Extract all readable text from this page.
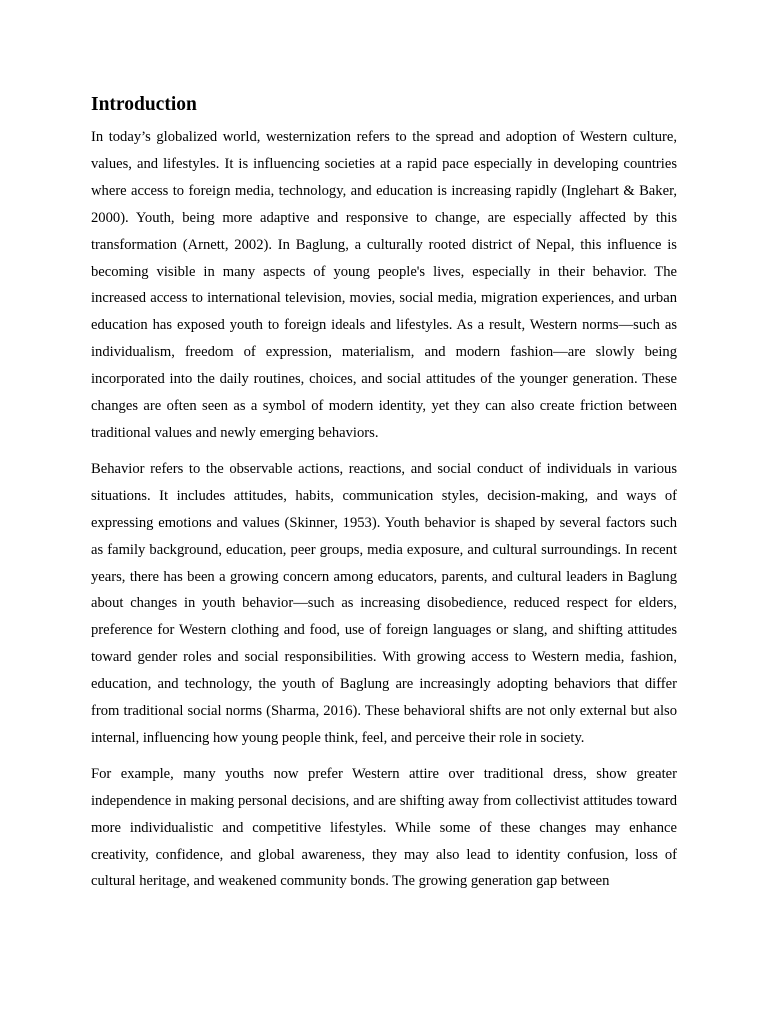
Introduction

In today’s globalized world, westernization refers to the spread and adoption of Western culture, values, and lifestyles. It is influencing societies at a rapid pace especially in developing countries where access to foreign media, technology, and education is increasing rapidly (Inglehart & Baker, 2000). Youth, being more adaptive and responsive to change, are especially affected by this transformation (Arnett, 2002). In Baglung, a culturally rooted district of Nepal, this influence is becoming visible in many aspects of young people's lives, especially in their behavior. The increased access to international television, movies, social media, migration experiences, and urban education has exposed youth to foreign ideals and lifestyles. As a result, Western norms—such as individualism, freedom of expression, materialism, and modern fashion—are slowly being incorporated into the daily routines, choices, and social attitudes of the younger generation. These changes are often seen as a symbol of modern identity, yet they can also create friction between traditional values and newly emerging behaviors.

Behavior refers to the observable actions, reactions, and social conduct of individuals in various situations. It includes attitudes, habits, communication styles, decision-making, and ways of expressing emotions and values (Skinner, 1953). Youth behavior is shaped by several factors such as family background, education, peer groups, media exposure, and cultural surroundings. In recent years, there has been a growing concern among educators, parents, and cultural leaders in Baglung about changes in youth behavior—such as increasing disobedience, reduced respect for elders, preference for Western clothing and food, use of foreign languages or slang, and shifting attitudes toward gender roles and social responsibilities. With growing access to Western media, fashion, education, and technology, the youth of Baglung are increasingly adopting behaviors that differ from traditional social norms (Sharma, 2016). These behavioral shifts are not only external but also internal, influencing how young people think, feel, and perceive their role in society.

For example, many youths now prefer Western attire over traditional dress, show greater independence in making personal decisions, and are shifting away from collectivist attitudes toward more individualistic and competitive lifestyles. While some of these changes may enhance creativity, confidence, and global awareness, they may also lead to identity confusion, loss of cultural heritage, and weakened community bonds. The growing generation gap between
